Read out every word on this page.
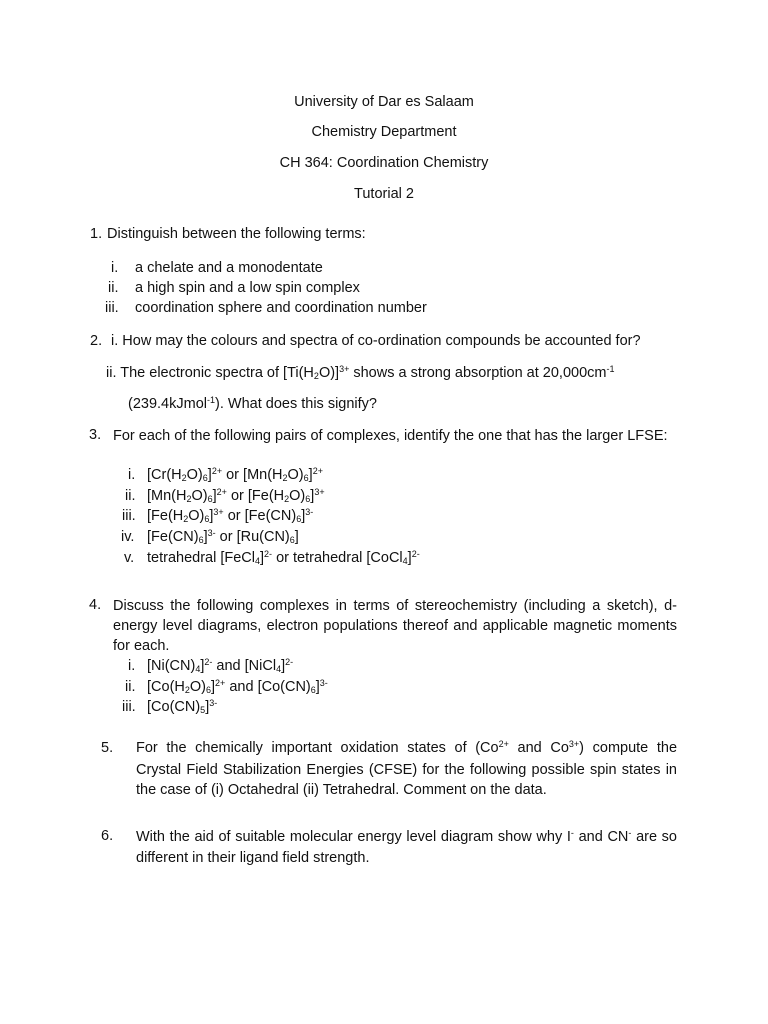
University of Dar es Salaam
Chemistry Department
CH 364: Coordination Chemistry
Tutorial 2
1. Distinguish between the following terms:
i. a chelate and a monodentate
ii. a high spin and a low spin complex
iii. coordination sphere and coordination number
2. i. How may the colours and spectra of co-ordination compounds be accounted for?
ii. The electronic spectra of $[Ti(H_2O)]^{3+}$ shows a strong absorption at $20,000cm^{-1}$
(239.4kJmol$^{-1}$). What does this signify?
3. For each of the following pairs of complexes, identify the one that has the larger LFSE:
i. $[Cr(H_2O)_6]^{2+}$ or $[Mn(H_2O)_6]^{2+}$
ii. $[Mn(H_2O)_6]^{2+}$ or $[Fe(H_2O)_6]^{3+}$
iii. $[Fe(H_2O)_6]^{3+}$ or $[Fe(CN)_6]^{3-}$
iv. $[Fe(CN)_6]^{3-}$ or $[Ru(CN)_6]$
v. tetrahedral [FeCl$_4$]$^{2-}$ or tetrahedral [CoCl$_4$]$^{2-}$
4. Discuss the following complexes in terms of stereochemistry (including a sketch), d-energy level diagrams, electron populations thereof and applicable magnetic moments for each.
i. $[Ni(CN)_4]^{2-}$ and [NiCl$_4$]$^{2-}$
ii. $[Co(H_2O)_6]^{2+}$ and $[Co(CN)_6]^{3-}$
iii. $[Co(CN)_5]^{3-}$
5. For the chemically important oxidation states of ($Co^{2+}$ and $Co^{3+}$) compute the
Crystal Field Stabilization Energies (CFSE) for the following possible spin states in the case of (i) Octahedral (ii) Tetrahedral. Comment on the data.
6. With the aid of suitable molecular energy level diagram show why I- and CN- are so different in their ligand field strength.
